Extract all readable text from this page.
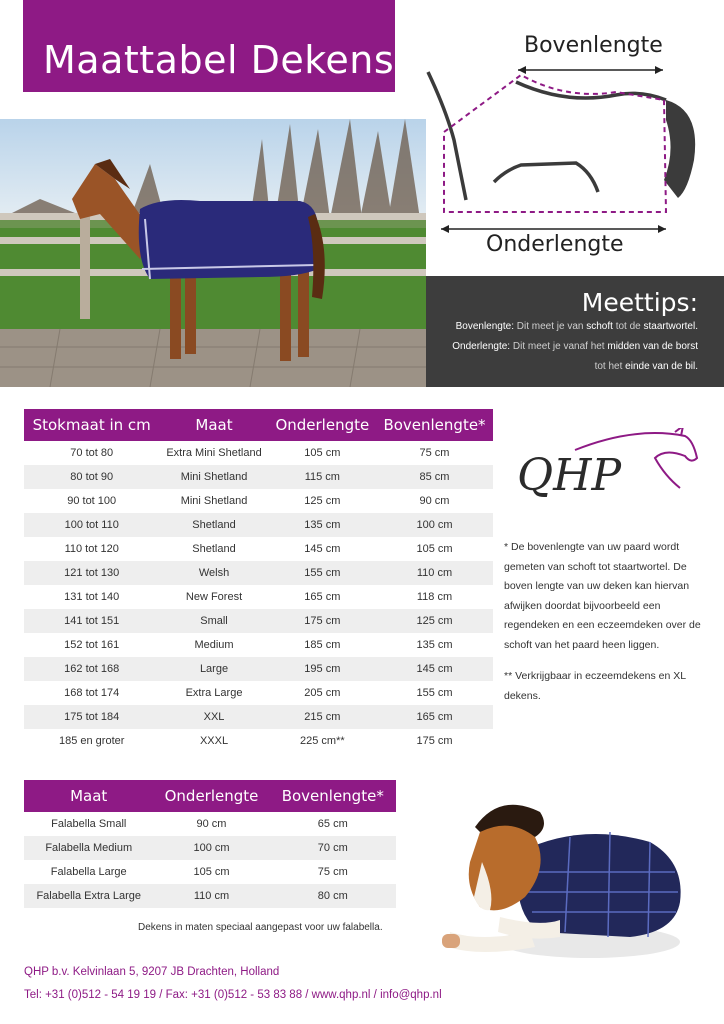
Maattabel Dekens	Bovenlengte
Onderlengte
Meettips:
Bovenlengte: Dit meet je van schoft tot de staartwortel.
Onderlengte: Dit meet je vanaf het midden van de borst
tot het einde van de bil.
Stokmaat in cm	Maat	Onderlengte	Bovenlengte*
70 tot 80	Extra Mini Shetland	105 cm	75 cm
80 tot 90	Mini Shetland	115 cm	85 cm
90 tot 100	Mini Shetland	125 cm	90 cm
100 tot 110	Shetland	135 cm	100 cm
110 tot 120	Shetland	145 cm	105 cm
121 tot 130	Welsh	155 cm	110 cm
131 tot 140	New Forest	165 cm	118 cm
141 tot 151	Small	175 cm	125 cm
152 tot 161	Medium	185 cm	135 cm
162 tot 168	Large	195 cm	145 cm
168 tot 174	Extra Large	205 cm	155 cm
175 tot 184	XXL	215 cm	165 cm
185 en groter	XXXL	225 cm**	175 cm
QHP

* De bovenlengte van uw paard wordt gemeten van schoft tot staartwortel. De boven lengte van uw deken kan hiervan afwijken doordat bijvoorbeeld een regendeken en een eczeemdeken over de schoft van het paard heen liggen.

** Verkrijgbaar in eczeemdekens en XL dekens.

Maat	Onderlengte	Bovenlengte*
Falabella Small	90 cm	65 cm
Falabella Medium	100 cm	70 cm
Falabella Large	105 cm	75 cm
Falabella Extra Large	110 cm	80 cm
Dekens in maten speciaal aangepast voor uw falabella.
QHP b.v. Kelvinlaan 5, 9207 JB Drachten, Holland
Tel: +31 (0)512 - 54 19 19 / Fax: +31 (0)512 - 53 83 88 / www.qhp.nl / info@qhp.nl
